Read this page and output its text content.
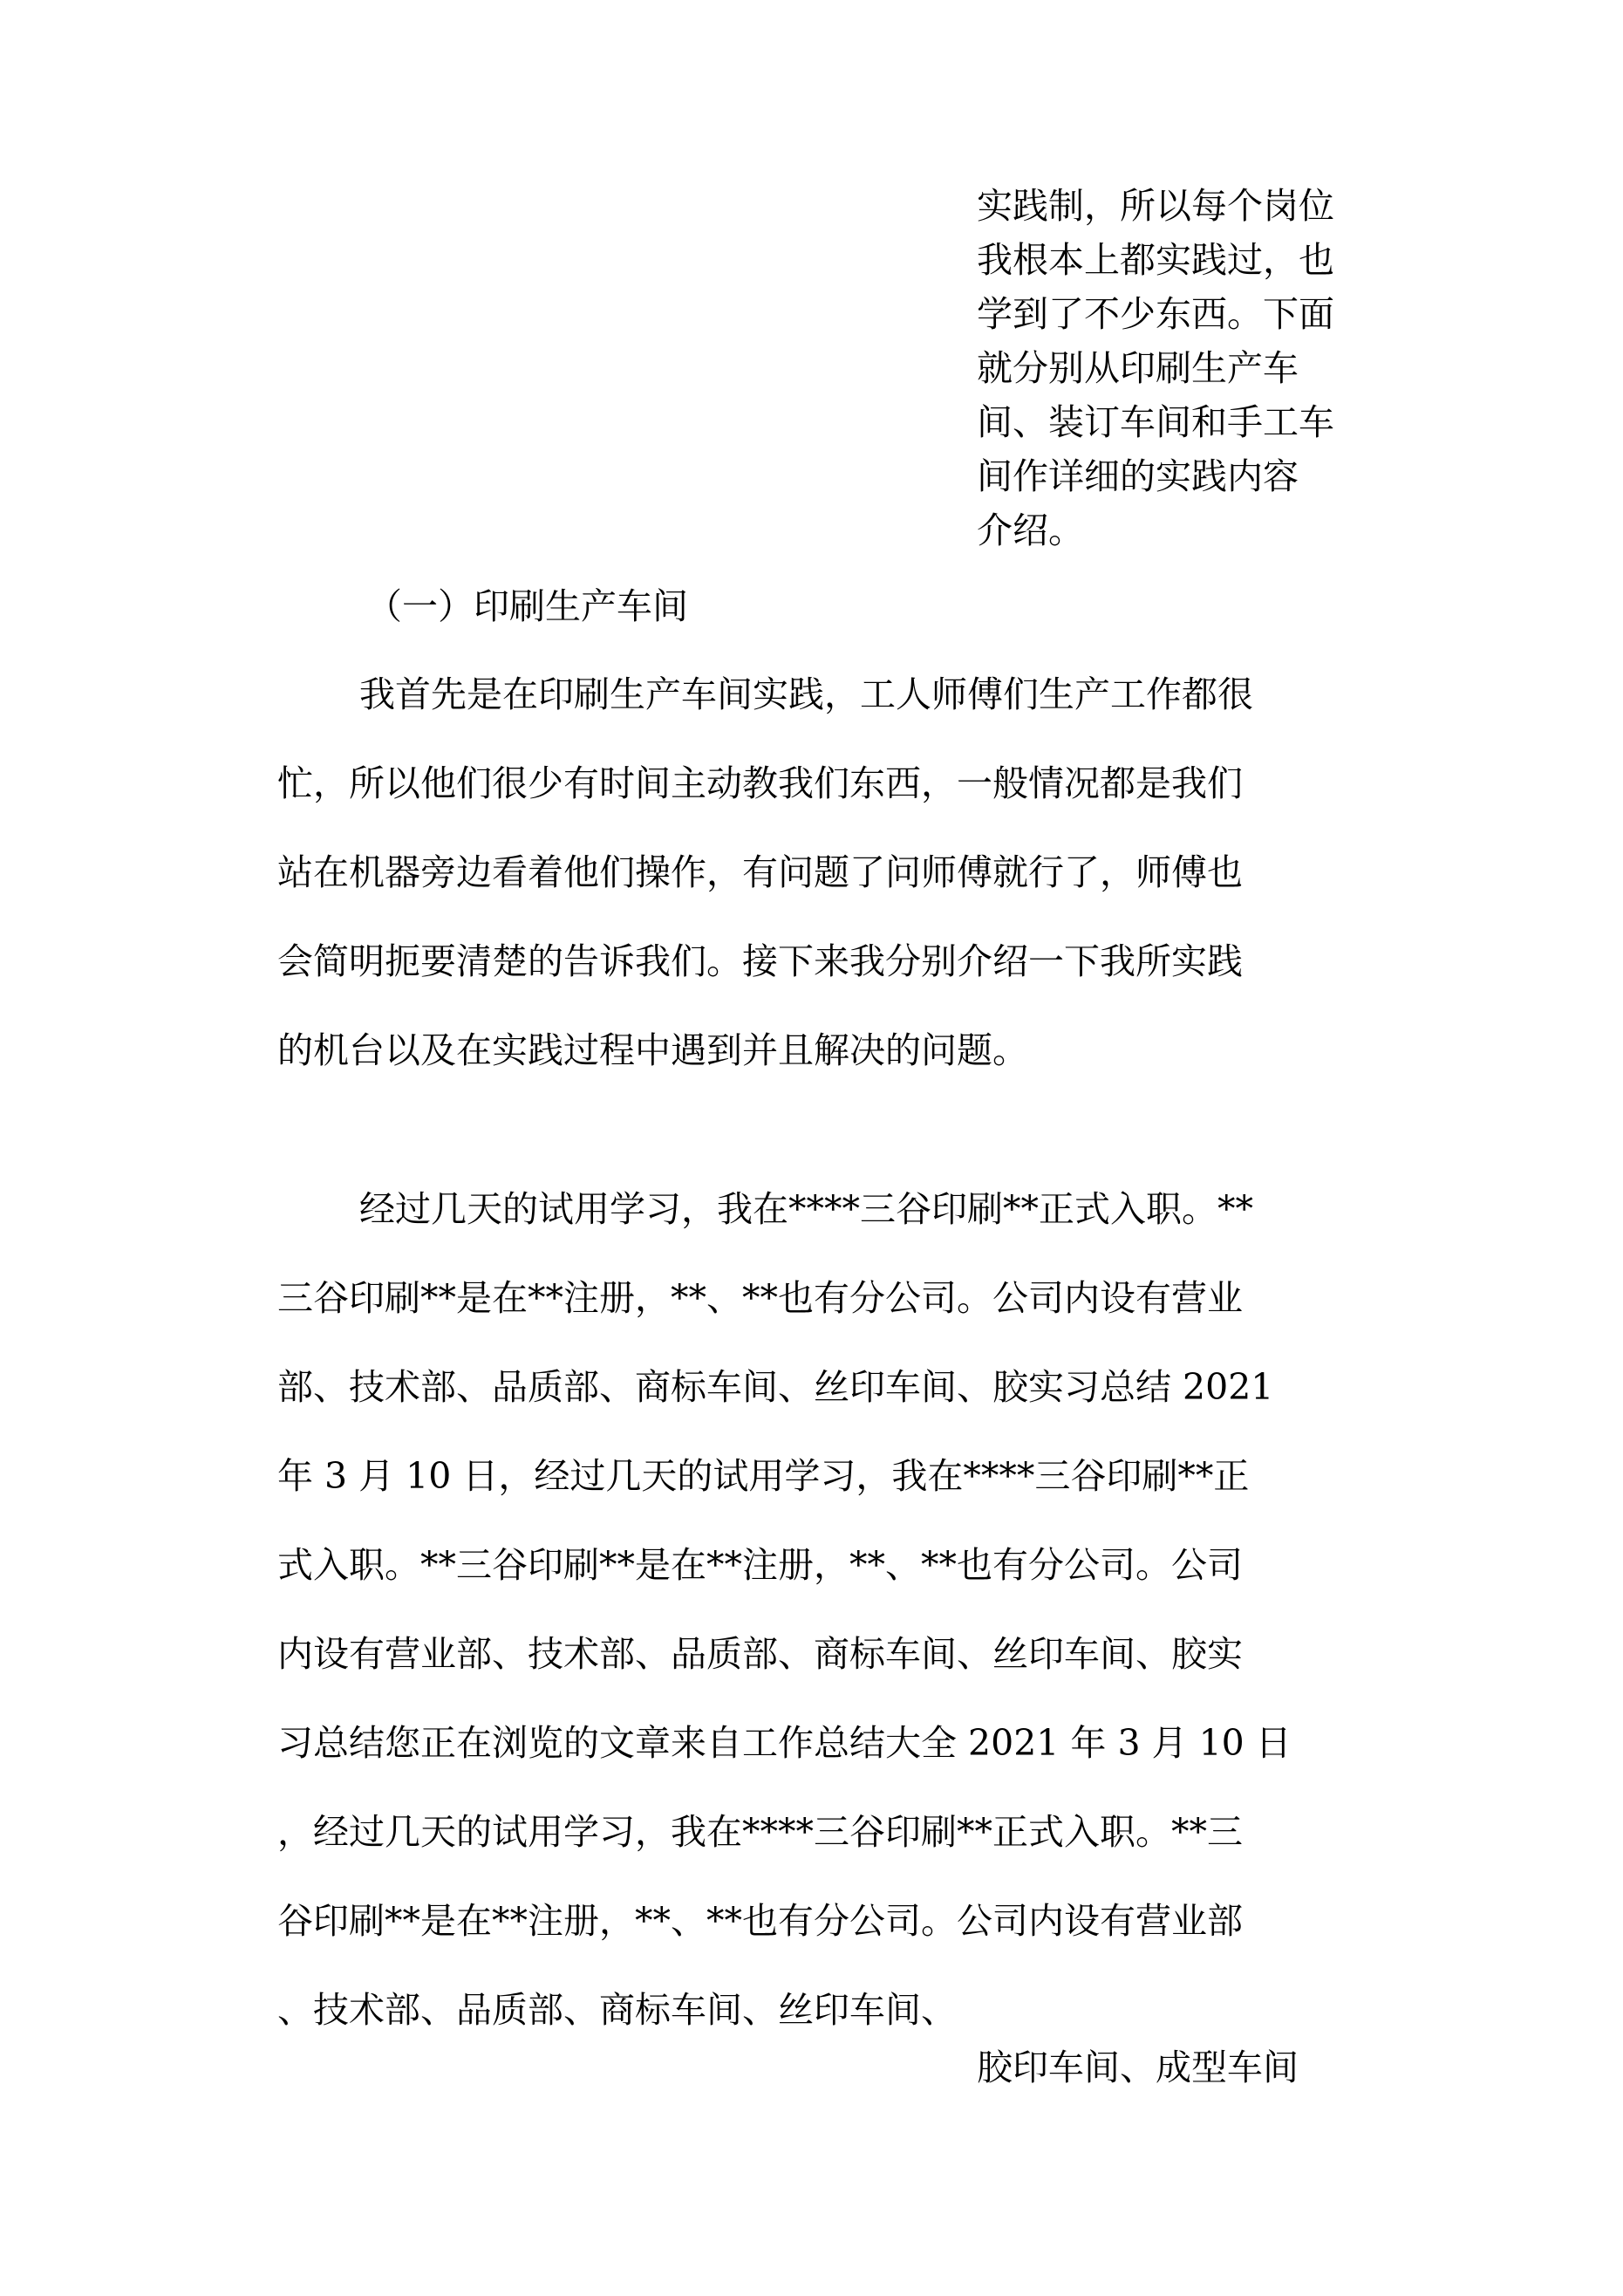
实践制，所以每个岗位
我根本上都实践过，也
学到了不少东西。下面
就分别从印刷生产车
间、装订车间和手工车
间作详细的实践内容
介绍。
（一）印刷生产车间
我首先是在印刷生产车间实践，工人师傅们生产工作都很
忙，所以他们很少有时间主动教我们东西，一般情况都是我们
站在机器旁边看着他们操作，有问题了问师傅就行了，师傅也
会简明扼要清楚的告诉我们。接下来我分别介绍一下我所实践
的机台以及在实践过程中遇到并且解决的问题。
经过几天的试用学习，我在****三谷印刷**正式入职。**
三谷印刷**是在**注册，**、**也有分公司。公司内设有营业
部、技术部、品质部、商标车间、丝印车间、胶实习总结 2021
年 3 月 10 日，经过几天的试用学习，我在****三谷印刷**正
式入职。**三谷印刷**是在**注册，**、**也有分公司。公司
内设有营业部、技术部、品质部、商标车间、丝印车间、胶实
习总结您正在浏览的文章来自工作总结大全 2021 年 3 月 10 日
，经过几天的试用学习，我在****三谷印刷**正式入职。**三
谷印刷**是在**注册，**、**也有分公司。公司内设有营业部
、技术部、品质部、商标车间、丝印车间、
胶印车间、成型车间
